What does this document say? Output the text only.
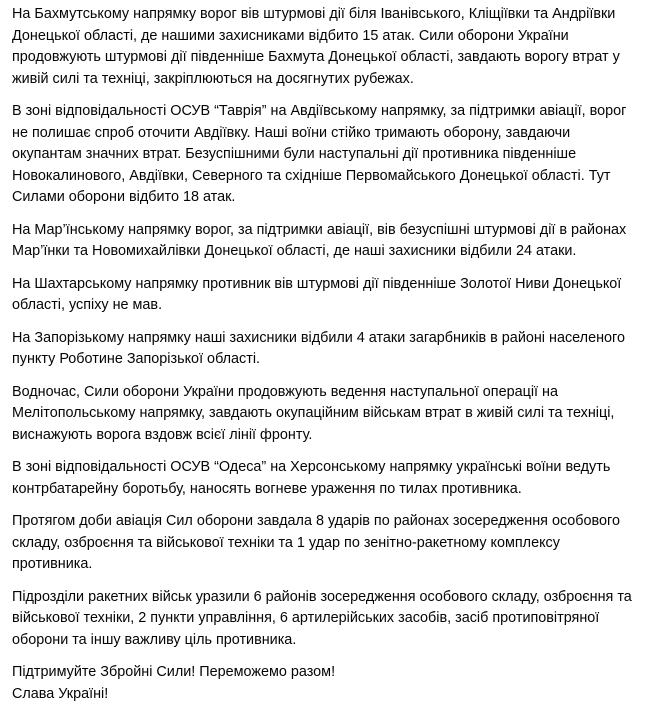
На Бахмутському напрямку ворог вів штурмові дії біля Іванівського, Кліщіївки та Андріївки
Донецької області, де нашими захисниками відбито 15 атак. Сили оборони України
продовжують штурмові дії південніше Бахмута Донецької області, завдають ворогу втрат у
живій силі та техніці, закріплюються на досягнутих рубежах.

В зоні відповідальності ОСУВ “Таврія” на Авдіївському напрямку, за підтримки авіації, ворог
не полишає спроб оточити Авдіївку. Наші воїни стійко тримають оборону, завдаючи
окупантам значних втрат. Безуспішними були наступальні дії противника південніше
Новокалинового, Авдіївки, Северного та східніше Первомайського Донецької області. Тут
Силами оборони відбито 18 атак.

На Мар’їнському напрямку ворог, за підтримки авіації, вів безуспішні штурмові дії в районах
Мар’їнки та Новомихайлівки Донецької області, де наші захисники відбили 24 атаки.

На Шахтарському напрямку противник вів штурмові дії південніше Золотої Ниви Донецької
області, успіху не мав.

На Запорізькому напрямку наші захисники відбили 4 атаки загарбників в районі населеного
пункту Роботине Запорізької області.

Водночас, Сили оборони України продовжують ведення наступальної операції на
Мелітопольському напрямку, завдають окупаційним військам втрат в живій силі та техніці,
виснажують ворога вздовж всієї лінії фронту.

В зоні відповідальності ОСУВ “Одеса” на Херсонському напрямку українські воїни ведуть
контрбатарейну боротьбу, наносять вогневе ураження по тилах противника.

Протягом доби авіація Сил оборони завдала 8 ударів по районах зосередження особового
складу, озброєння та військової техніки та 1 удар по зенітно-ракетному комплексу
противника.

Підрозділи ракетних військ уразили 6 районів зосередження особового складу, озброєння та
військової техніки, 2 пункти управління, 6 артилерійських засобів, засіб протиповітряної
оборони та іншу важливу ціль противника.

Підтримуйте Збройні Сили! Переможемо разом!
Слава Україні!
